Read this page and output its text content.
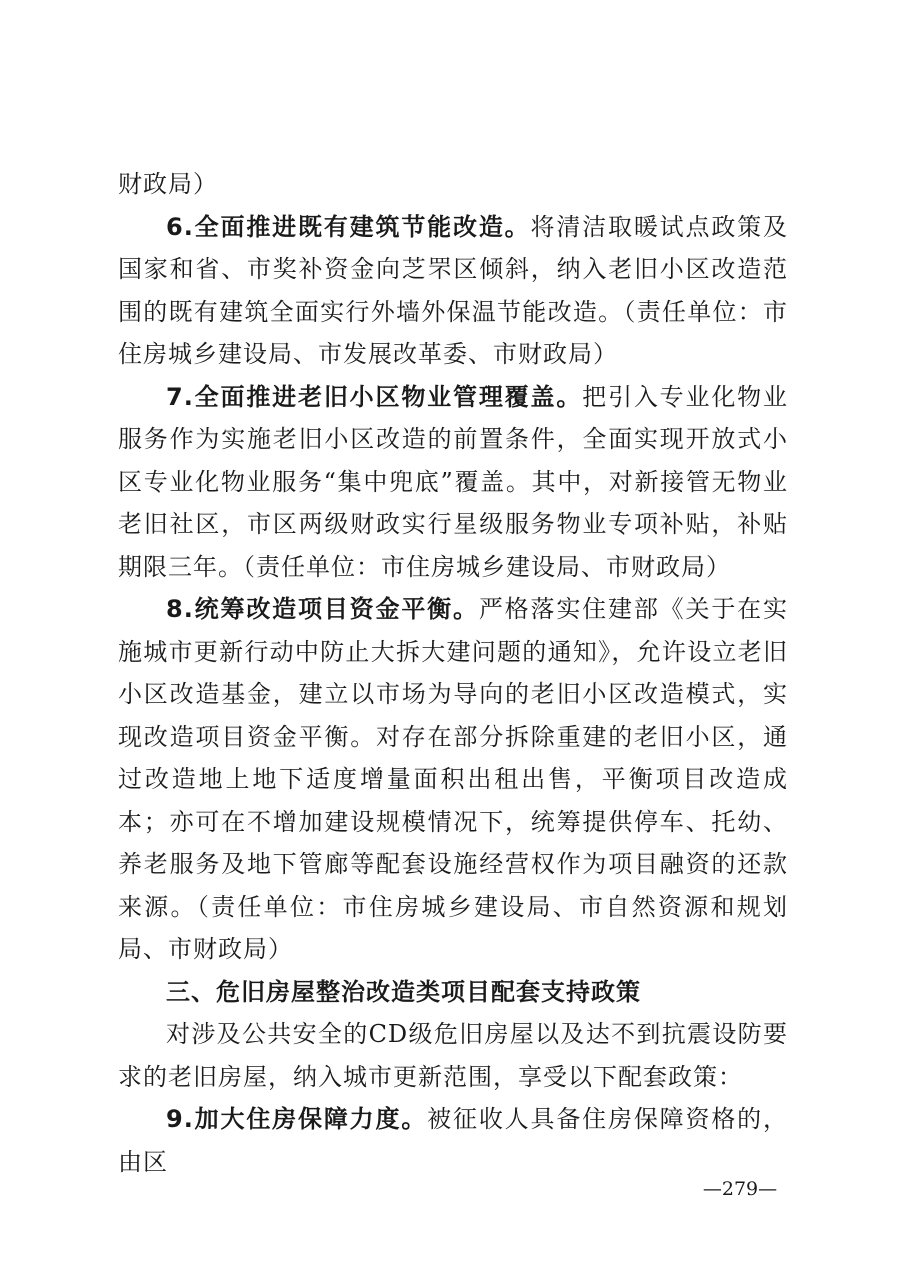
财政局）

6.全面推进既有建筑节能改造。将清洁取暖试点政策及国家和省、市奖补资金向芝罘区倾斜，纳入老旧小区改造范围的既有建筑全面实行外墙外保温节能改造。（责任单位：市住房城乡建设局、市发展改革委、市财政局）

7.全面推进老旧小区物业管理覆盖。把引入专业化物业服务作为实施老旧小区改造的前置条件，全面实现开放式小区专业化物业服务“集中兜底”覆盖。其中，对新接管无物业老旧社区，市区两级财政实行星级服务物业专项补贴，补贴期限三年。（责任单位：市住房城乡建设局、市财政局）

8.统筹改造项目资金平衡。严格落实住建部《关于在实施城市更新行动中防止大拆大建问题的通知》，允许设立老旧小区改造基金，建立以市场为导向的老旧小区改造模式，实现改造项目资金平衡。对存在部分拆除重建的老旧小区，通过改造地上地下适度增量面积出租出售，平衡项目改造成本；亦可在不增加建设规模情况下，统筹提供停车、托幼、养老服务及地下管廊等配套设施经营权作为项目融资的还款来源。（责任单位：市住房城乡建设局、市自然资源和规划局、市财政局）

三、危旧房屋整治改造类项目配套支持政策

对涉及公共安全的CD级危旧房屋以及达不到抗震设防要求的老旧房屋，纳入城市更新范围，享受以下配套政策：

9.加大住房保障力度。被征收人具备住房保障资格的，由区

—279—
